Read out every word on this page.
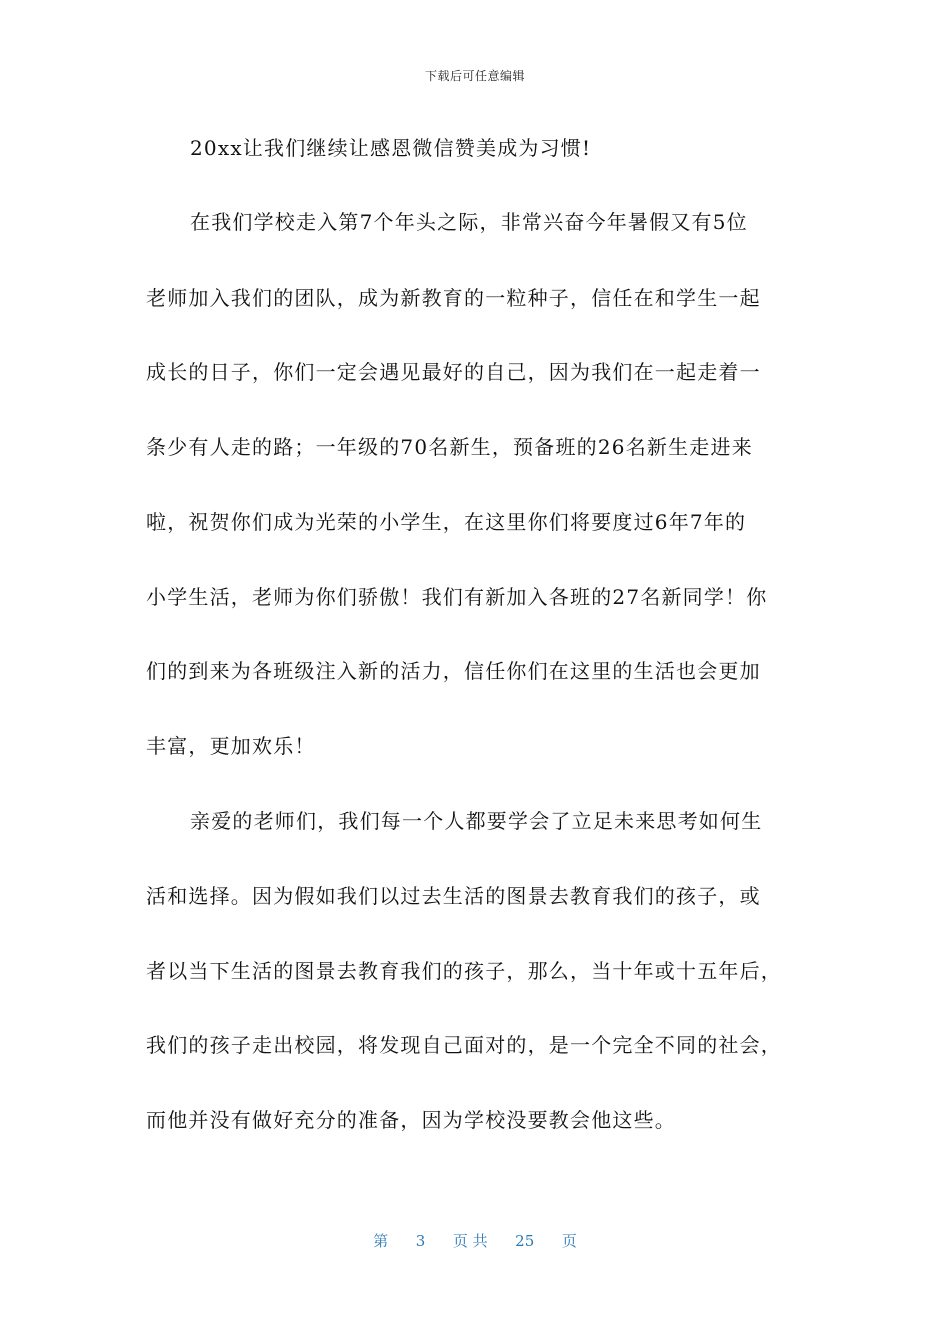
下载后可任意编辑
20xx让我们继续让感恩微信赞美成为习惯!
在我们学校走入第7个年头之际，非常兴奋今年暑假又有5位
老师加入我们的团队，成为新教育的一粒种子，信任在和学生一起
成长的日子，你们一定会遇见最好的自己，因为我们在一起走着一
条少有人走的路；一年级的70名新生，预备班的26名新生走进来
啦，祝贺你们成为光荣的小学生，在这里你们将要度过6年7年的
小学生活，老师为你们骄傲！我们有新加入各班的27名新同学！你
们的到来为各班级注入新的活力，信任你们在这里的生活也会更加
丰富，更加欢乐！
亲爱的老师们，我们每一个人都要学会了立足未来思考如何生
活和选择。因为假如我们以过去生活的图景去教育我们的孩子，或
者以当下生活的图景去教育我们的孩子，那么，当十年或十五年后，
我们的孩子走出校园，将发现自己面对的，是一个完全不同的社会，
而他并没有做好充分的准备，因为学校没要教会他这些。
第 3 页 共 25 页
